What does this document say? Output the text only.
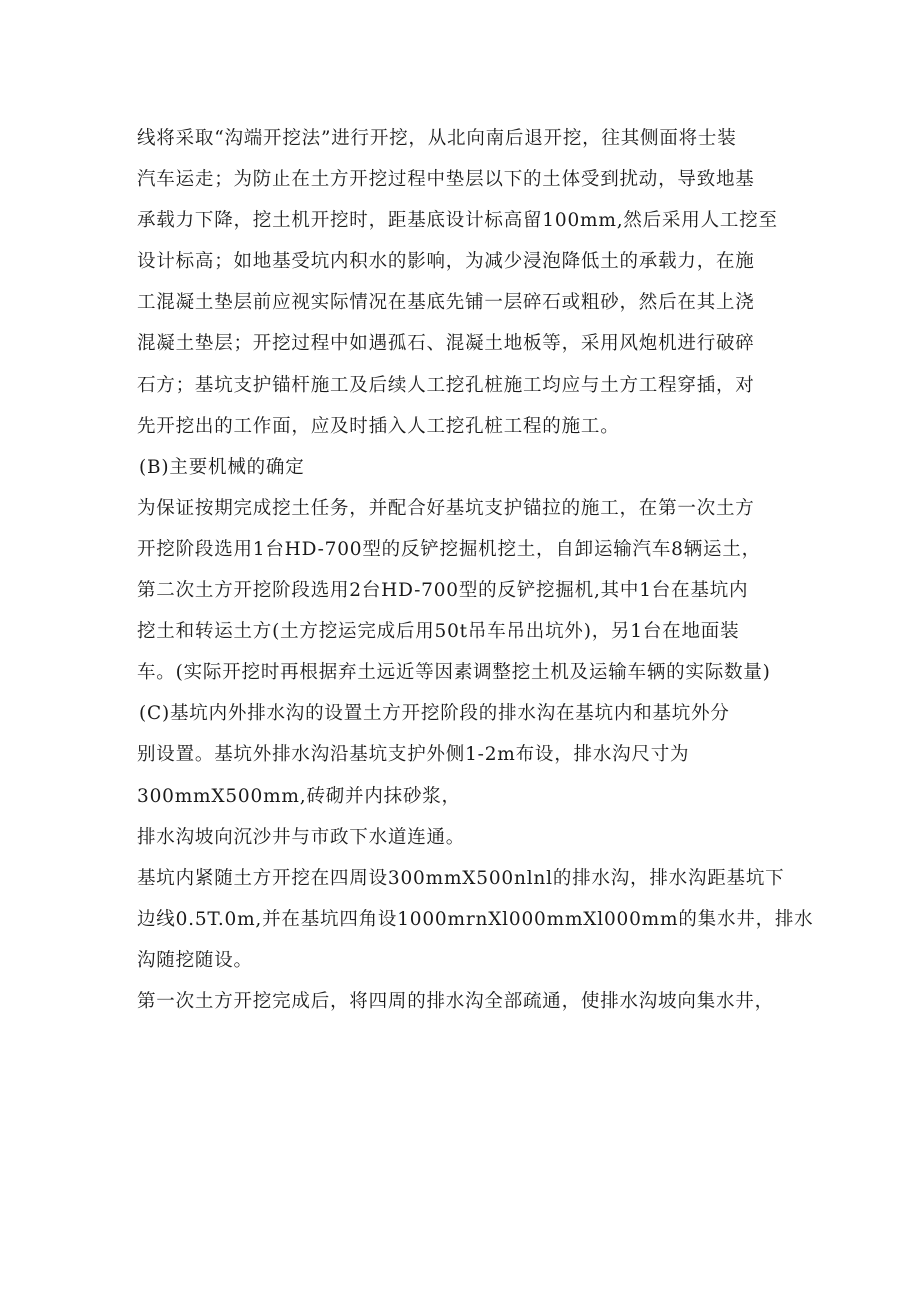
线将采取“沟端开挖法”进行开挖，从北向南后退开挖，往其侧面将士装
汽车运走；为防止在土方开挖过程中垫层以下的土体受到扰动，导致地基
承载力下降，挖土机开挖时，距基底设计标高留100mm,然后采用人工挖至
设计标高；如地基受坑内积水的影响，为减少浸泡降低土的承载力，在施
工混凝土垫层前应视实际情况在基底先铺一层碎石或粗砂，然后在其上浇
混凝土垫层；开挖过程中如遇孤石、混凝土地板等，采用风炮机进行破碎
石方；基坑支护锚杆施工及后续人工挖孔桩施工均应与土方工程穿插，对
先开挖出的工作面，应及时插入人工挖孔桩工程的施工。
(B)主要机械的确定
为保证按期完成挖土任务，并配合好基坑支护锚拉的施工，在第一次土方
开挖阶段选用1台HD-700型的反铲挖掘机挖土，自卸运输汽车8辆运土，
第二次土方开挖阶段选用2台HD-700型的反铲挖掘机,其中1台在基坑内
挖土和转运土方(土方挖运完成后用50t吊车吊出坑外)，另1台在地面装
车。(实际开挖时再根据弃土远近等因素调整挖土机及运输车辆的实际数量)
(C)基坑内外排水沟的设置土方开挖阶段的排水沟在基坑内和基坑外分
别设置。基坑外排水沟沿基坑支护外侧1-2m布设，排水沟尺寸为
300mmX500mm,砖砌并内抹砂浆，
排水沟坡向沉沙井与市政下水道连通。
基坑内紧随土方开挖在四周设300mmX500nlnl的排水沟，排水沟距基坑下
边线0.5T.0m,并在基坑四角设1000mrnXl000mmXl000mm的集水井，排水
沟随挖随设。
第一次土方开挖完成后，将四周的排水沟全部疏通，使排水沟坡向集水井，
